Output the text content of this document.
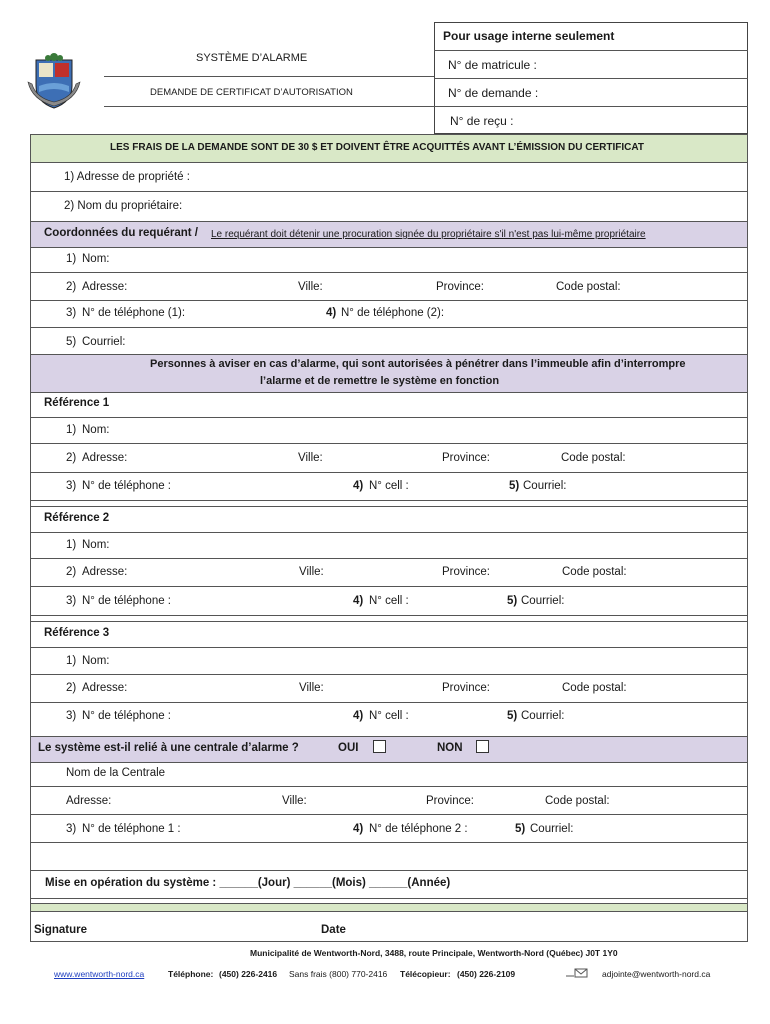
SYSTÈME D’ALARME
DEMANDE DE CERTIFICAT D’AUTORISATION
Pour usage interne seulement
N° de matricule :
N° de demande :
N° de reçu :
LES FRAIS DE LA DEMANDE SONT DE 30 $ ET DOIVENT ÊTRE ACQUITTÉS AVANT L’ÉMISSION DU CERTIFICAT
1) Adresse de propriété :
2) Nom du propriétaire:
Coordonnées du requérant / Le requérant doit détenir une procuration signée du propriétaire s'il n'est pas lui-même propriétaire
1) Nom:
2) Adresse:	Ville:	Province:	Code postal:
3) N° de téléphone (1):	4) N° de téléphone (2):
5) Courriel:
Personnes à aviser en cas d’alarme, qui sont autorisées à pénétrer dans l’immeuble afin d’interrompre
l’alarme et de remettre le système en fonction
Référence 1
1) Nom:
2) Adresse:	Ville:	Province:	Code postal:
3) N° de téléphone :	4) N° cell :	5) Courriel:
Référence 2
1) Nom:
2) Adresse:	Ville:	Province:	Code postal:
3) N° de téléphone :	4) N° cell :	5) Courriel:
Référence 3
1) Nom:
2) Adresse:	Ville:	Province:	Code postal:
3) N° de téléphone :	4) N° cell :	5) Courriel:
Le système est-il relié à une centrale d’alarme ?	OUI	NON
Nom de la Centrale
Adresse:	Ville:	Province:	Code postal:
3) N° de téléphone 1 :	4) N° de téléphone 2 :	5) Courriel:
Mise en opération du système : ______(Jour) ______(Mois) ______(Année)
Signature	Date
Municipalité de Wentworth-Nord, 3488, route Principale, Wentworth-Nord (Québec) J0T 1Y0
www.wentworth-nord.ca	Téléphone: (450) 226-2416 Sans frais (800) 770-2416 Télécopieur: (450) 226-2109	adjointe@wentworth-nord.ca
